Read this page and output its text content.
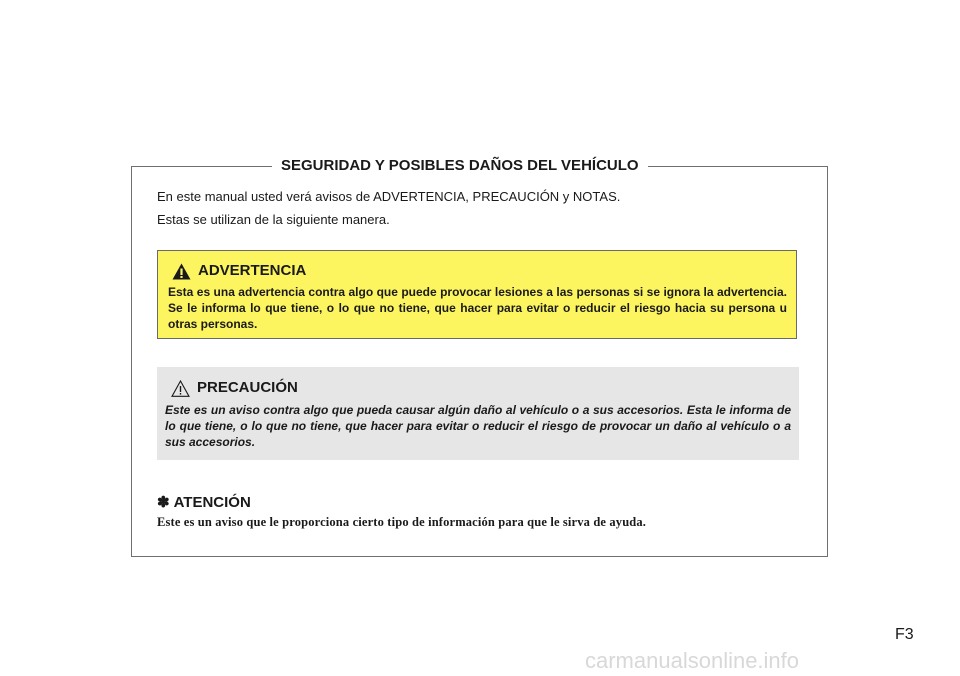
SEGURIDAD Y POSIBLES DAÑOS DEL VEHÍCULO
En este manual usted verá avisos de ADVERTENCIA, PRECAUCIÓN y NOTAS.
Estas se utilizan de la siguiente manera.
ADVERTENCIA
Esta es una advertencia contra algo que puede provocar lesiones a las personas si se ignora la advertencia. Se le informa lo que tiene, o lo que no tiene, que hacer para evitar o reducir el riesgo hacia su persona u otras personas.
PRECAUCIÓN
Este es un aviso contra algo que pueda causar algún daño al vehículo o a sus accesorios. Esta le informa de lo que tiene, o lo que no tiene, que hacer para evitar o reducir el riesgo de provocar un daño al vehículo o a sus accesorios.
✽ ATENCIÓN
Este es un aviso que le proporciona cierto tipo de información para que le sirva de ayuda.
F3
carmanualsonline.info
